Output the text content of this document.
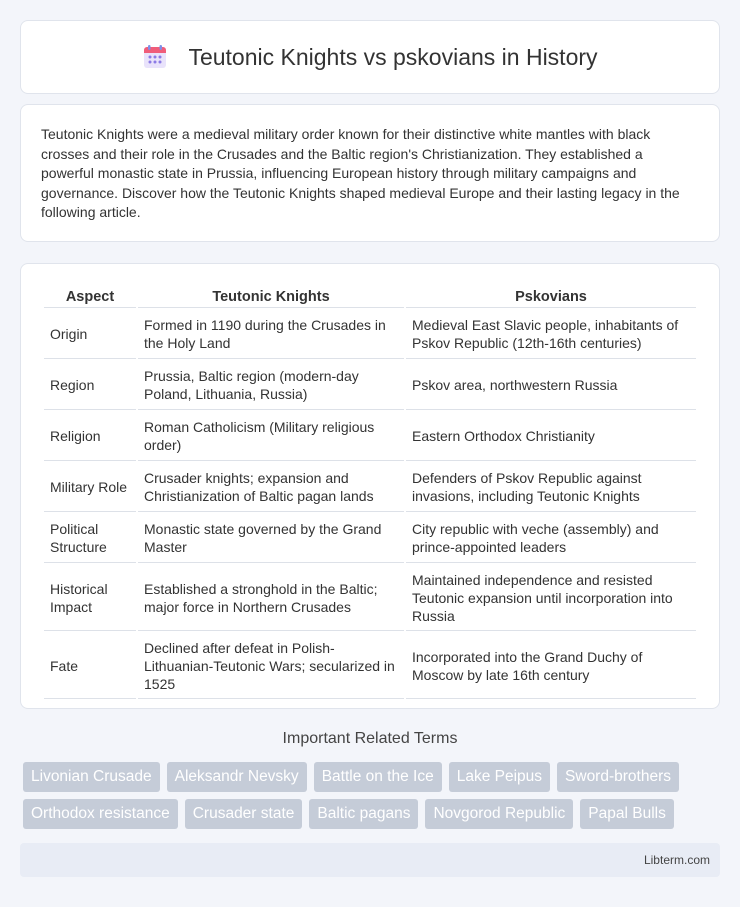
Teutonic Knights vs pskovians in History

Teutonic Knights were a medieval military order known for their distinctive white mantles with black crosses and their role in the Crusades and the Baltic region's Christianization. They established a powerful monastic state in Prussia, influencing European history through military campaigns and governance. Discover how the Teutonic Knights shaped medieval Europe and their lasting legacy in the following article.

Aspect	Teutonic Knights	Pskovians
Origin	Formed in 1190 during the Crusades in the Holy Land	Medieval East Slavic people, inhabitants of Pskov Republic (12th-16th centuries)
Region	Prussia, Baltic region (modern-day Poland, Lithuania, Russia)	Pskov area, northwestern Russia
Religion	Roman Catholicism (Military religious order)	Eastern Orthodox Christianity
Military Role	Crusader knights; expansion and Christianization of Baltic pagan lands	Defenders of Pskov Republic against invasions, including Teutonic Knights
Political Structure	Monastic state governed by the Grand Master	City republic with veche (assembly) and prince-appointed leaders
Historical Impact	Established a stronghold in the Baltic; major force in Northern Crusades	Maintained independence and resisted Teutonic expansion until incorporation into Russia
Fate	Declined after defeat in Polish-Lithuanian-Teutonic Wars; secularized in 1525	Incorporated into the Grand Duchy of Moscow by late 16th century
Important Related Terms
Livonian Crusade	Aleksandr Nevsky	Battle on the Ice	Lake Peipus	Sword-brothers
Orthodox resistance	Crusader state	Baltic pagans	Novgorod Republic	Papal Bulls
Libterm.com
